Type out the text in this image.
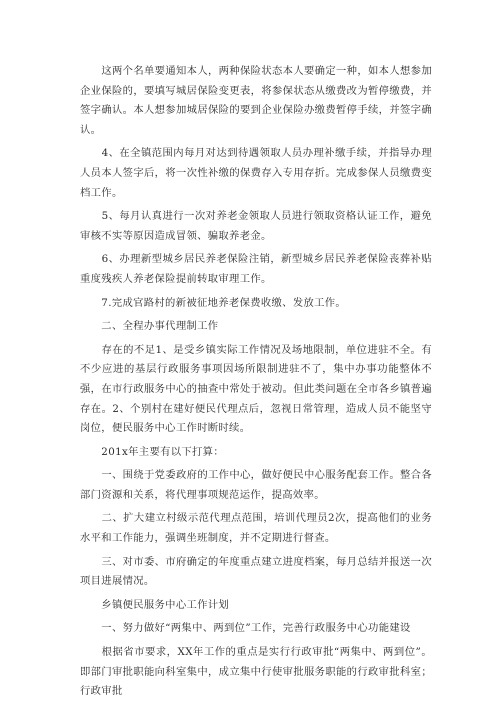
　　这两个名单要通知本人，两种保险状态本人要确定一种，如本人想参加企业保险的，要填写城居保险变更表，将参保状态从缴费改为暂停缴费，并签字确认。本人想参加城居保险的要到企业保险办缴费暂停手续，并签字确认。

　　4、在全镇范围内每月对达到待遇领取人员办理补缴手续，并指导办理人员本人签字后，将一次性补缴的保费存入专用存折。完成参保人员缴费变档工作。

　　5、每月认真进行一次对养老金领取人员进行领取资格认证工作，避免审核不实等原因造成冒领、骗取养老金。

　　6、办理新型城乡居民养老保险注销，新型城乡居民养老保险丧葬补贴重度残疾人养老保险提前转取审理工作。

　　7.完成官路村的新被征地养老保费收缴、发放工作。

　　二、全程办事代理制工作

　　存在的不足1、是受乡镇实际工作情况及场地限制，单位进驻不全。有不少应进的基层行政服务事项因场所限制进驻不了，集中办事功能整体不强，在市行政服务中心的抽查中常处于被动。但此类问题在全市各乡镇普遍存在。2、个别村在建好便民代理点后，忽视日常管理，造成人员不能坚守岗位，便民服务中心工作时断时续。

　　201x年主要有以下打算：

　　一、围绕于党委政府的工作中心，做好便民中心服务配套工作。整合各部门资源和关系，将代理事项规范运作，提高效率。

　　二、扩大建立村级示范代理点范围，培训代理员2次，提高他们的业务水平和工作能力，强调坐班制度，并不定期进行督查。

　　三、对市委、市府确定的年度重点建立进度档案，每月总结并报送一次项目进展情况。

　　乡镇便民服务中心工作计划

　　一、努力做好“两集中、两到位”工作，完善行政服务中心功能建设

　　根据省市要求，XX年工作的重点是实行行政审批“两集中、两到位”。即部门审批职能向科室集中，成立集中行使审批服务职能的行政审批科室；行政审批
